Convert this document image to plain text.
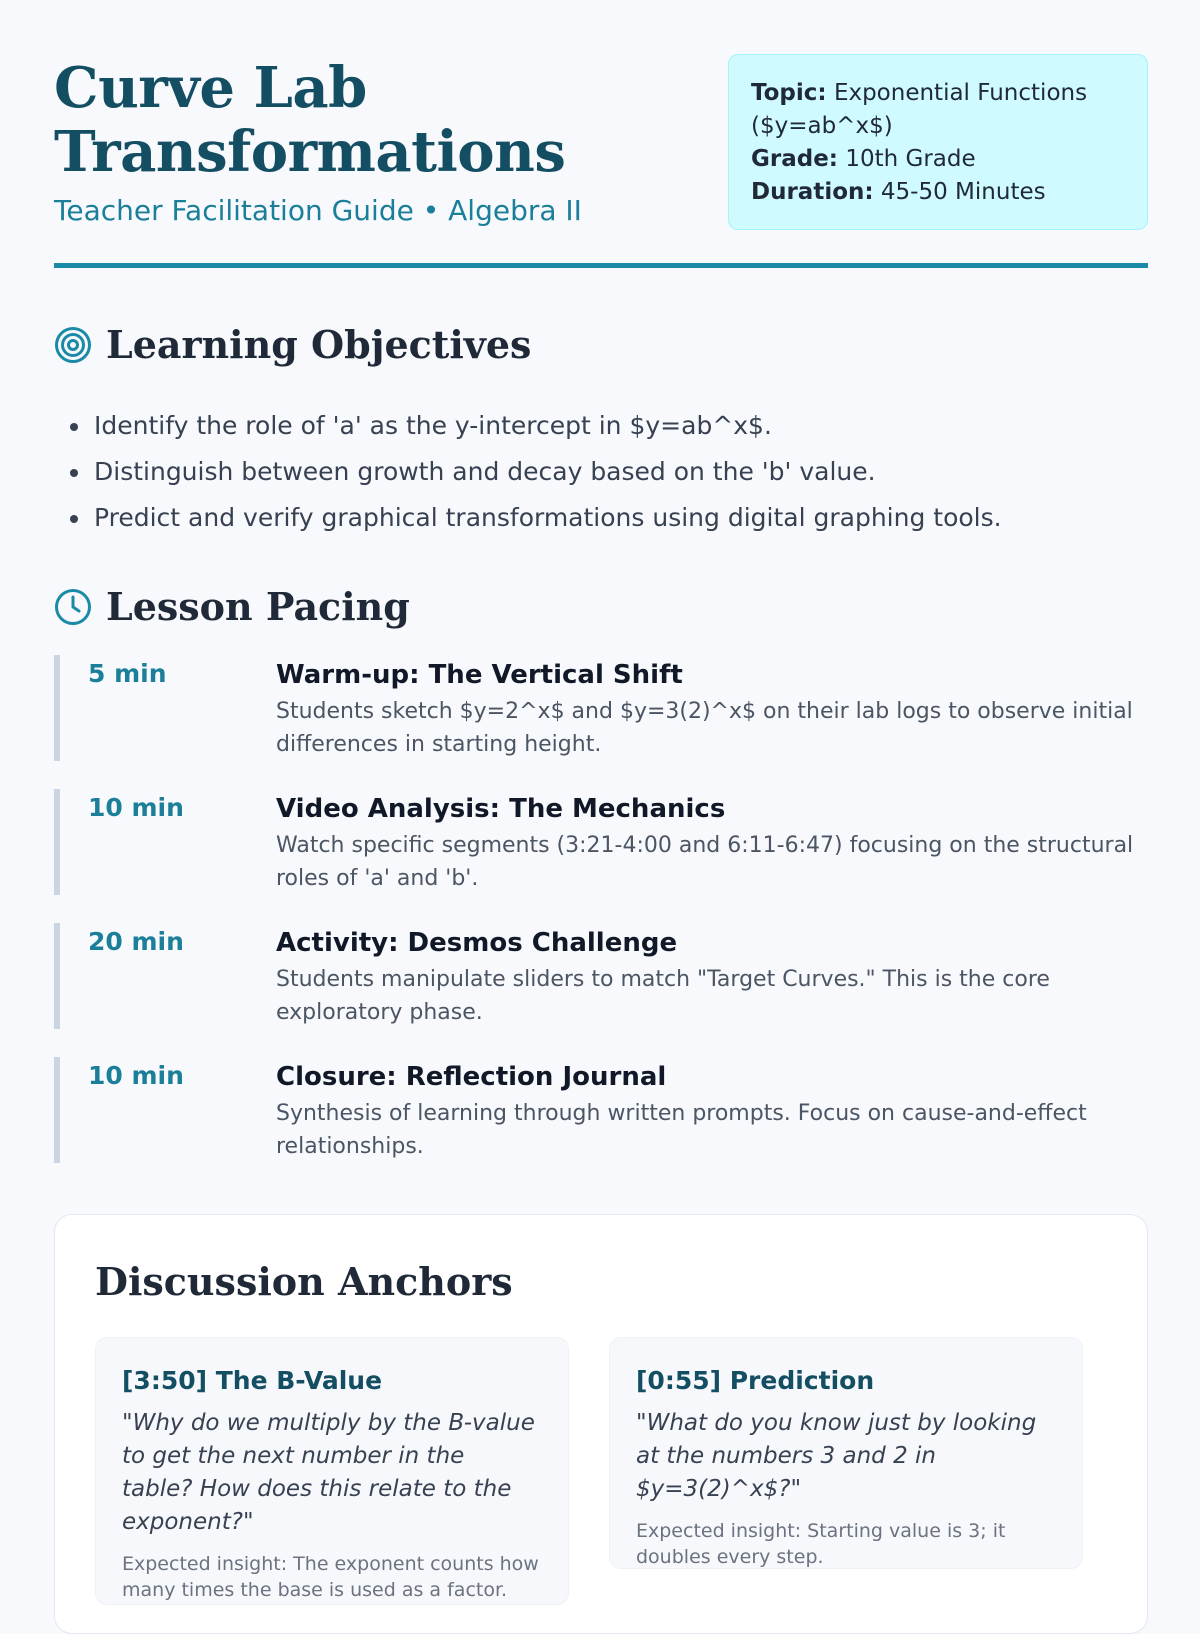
Curve Lab
Transformations
Teacher Facilitation Guide • Algebra II
Topic: Exponential Functions ($y=ab^x$)
Grade: 10th Grade
Duration: 45-50 Minutes
Learning Objectives
• Identify the role of 'a' as the y-intercept in $y=ab^x$.
• Distinguish between growth and decay based on the 'b' value.
• Predict and verify graphical transformations using digital graphing tools.
Lesson Pacing
5 min	Warm-up: The Vertical Shift
Students sketch $y=2^x$ and $y=3(2)^x$ on their lab logs to observe initial differences in starting height.
10 min	Video Analysis: The Mechanics
Watch specific segments (3:21-4:00 and 6:11-6:47) focusing on the structural roles of 'a' and 'b'.
20 min	Activity: Desmos Challenge
Students manipulate sliders to match "Target Curves." This is the core exploratory phase.
10 min	Closure: Reflection Journal
Synthesis of learning through written prompts. Focus on cause-and-effect relationships.
Discussion Anchors
[3:50] The B-Value
"Why do we multiply by the B-value to get the next number in the table? How does this relate to the exponent?"
Expected insight: The exponent counts how many times the base is used as a factor.
[0:55] Prediction
"What do you know just by looking at the numbers 3 and 2 in $y=3(2)^x$?"
Expected insight: Starting value is 3; it doubles every step.
